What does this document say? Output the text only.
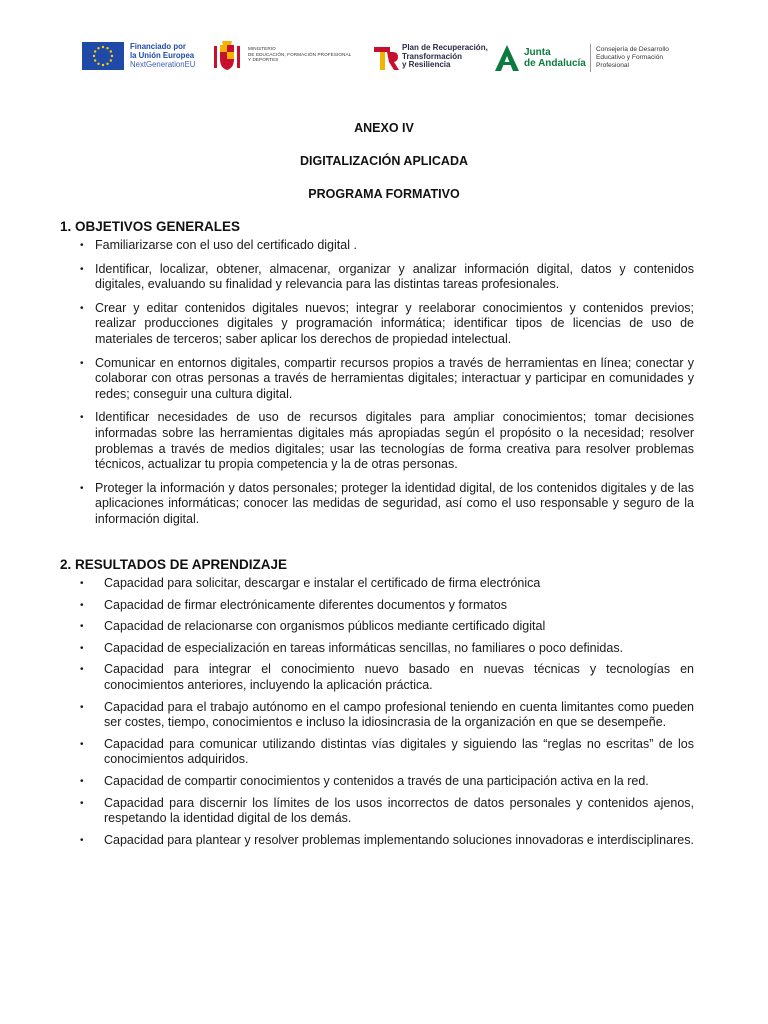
Financiado por
la Unión Europea
NextGenerationEU
MINISTERIO
DE EDUCACIÓN, FORMACIÓN PROFESIONAL
Y DEPORTES
Plan de Recuperación,
Transformación
y Resiliencia
Junta
de Andalucía
Consejería de Desarrollo
Educativo y Formación
Profesional
ANEXO IV
DIGITALIZACIÓN APLICADA
PROGRAMA FORMATIVO
1. OBJETIVOS GENERALES
• Familiarizarse con el uso del certificado digital .
• Identificar, localizar, obtener, almacenar, organizar y analizar información digital, datos y contenidos digitales, evaluando su finalidad y relevancia para las distintas tareas profesionales.
• Crear y editar contenidos digitales nuevos; integrar y reelaborar conocimientos y contenidos previos; realizar producciones digitales y programación informática; identificar tipos de licencias de uso de materiales de terceros; saber aplicar los derechos de propiedad intelectual.
• Comunicar en entornos digitales, compartir recursos propios a través de herramientas en línea; conectar y colaborar con otras personas a través de herramientas digitales; interactuar y participar en comunidades y redes; conseguir una cultura digital.
• Identificar necesidades de uso de recursos digitales para ampliar conocimientos; tomar decisiones informadas sobre las herramientas digitales más apropiadas según el propósito o la necesidad; resolver problemas a través de medios digitales; usar las tecnologías de forma creativa para resolver problemas técnicos, actualizar tu propia competencia y la de otras personas.
• Proteger la información y datos personales; proteger la identidad digital, de los contenidos digitales y de las aplicaciones informáticas; conocer las medidas de seguridad, así como el uso responsable y seguro de la información digital.
2. RESULTADOS DE APRENDIZAJE
• Capacidad para solicitar, descargar e instalar el certificado de firma electrónica
• Capacidad de firmar electrónicamente diferentes documentos y formatos
• Capacidad de relacionarse con organismos públicos mediante certificado digital
• Capacidad de especialización en tareas informáticas sencillas, no familiares o poco definidas.
• Capacidad para integrar el conocimiento nuevo basado en nuevas técnicas y tecnologías en conocimientos anteriores, incluyendo la aplicación práctica.
• Capacidad para el trabajo autónomo en el campo profesional teniendo en cuenta limitantes como pueden ser costes, tiempo, conocimientos e incluso la idiosincrasia de la organización en que se desempeñe.
• Capacidad para comunicar utilizando distintas vías digitales y siguiendo las “reglas no escritas” de los conocimientos adquiridos.
• Capacidad de compartir conocimientos y contenidos a través de una participación activa en la red.
• Capacidad para discernir los límites de los usos incorrectos de datos personales y contenidos ajenos, respetando la identidad digital de los demás.
• Capacidad para plantear y resolver problemas implementando soluciones innovadoras e interdisciplinares.
